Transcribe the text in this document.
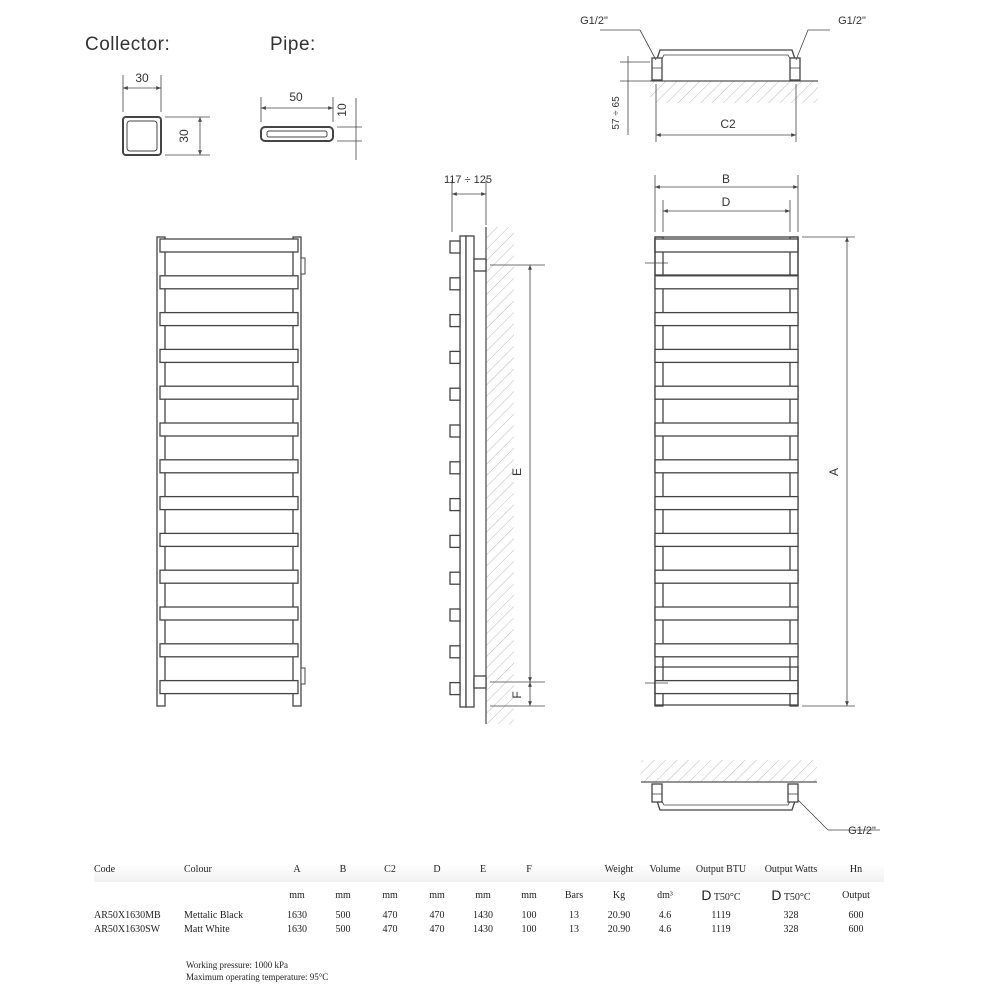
Collector:	Pipe:
30
30
50
10
117 ÷ 125
E
F
G1/2"	G1/2"
57 ÷ 65	C2
B
D
A
G1/2"
Code	Colour	A	B	C2	D	E	F		Weight	Volume	Output BTU	Output Watts	Hn
		mm	mm	mm	mm	mm	mm	Bars	Kg	dm³	D T50°C	D T50°C	Output
AR50X1630MB	Mettalic Black	1630	500	470	470	1430	100	13	20.90	4.6	1119	328	600
AR50X1630SW	Matt White	1630	500	470	470	1430	100	13	20.90	4.6	1119	328	600
Working pressure: 1000 kPa
Maximum operating temperature: 95°C
